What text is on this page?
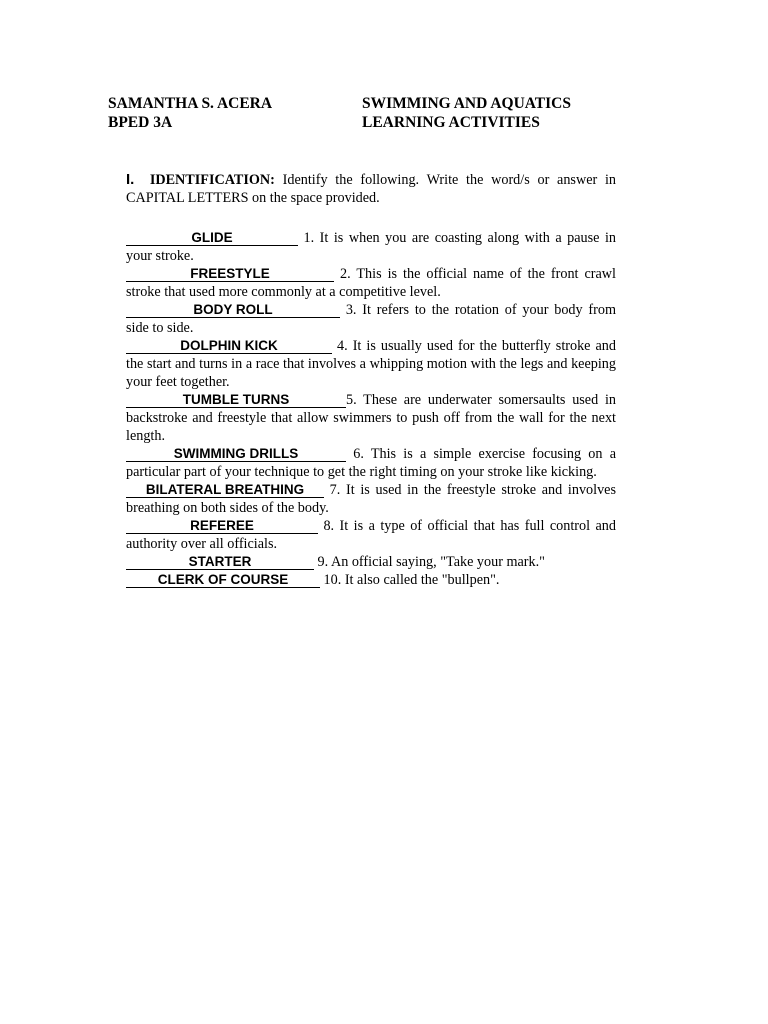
SAMANTHA S. ACERA
BPED 3A
SWIMMING AND AQUATICS
LEARNING ACTIVITIES
I. IDENTIFICATION: Identify the following. Write the word/s or answer in CAPITAL LETTERS on the space provided.
GLIDE	1. It is when you are coasting along with a pause in your stroke.
FREESTYLE	2. This is the official name of the front crawl stroke that used more commonly at a competitive level.
BODY ROLL	3. It refers to the rotation of your body from side to side.
DOLPHIN KICK	4. It is usually used for the butterfly stroke and the start and turns in a race that involves a whipping motion with the legs and keeping your feet together.
TUMBLE TURNS	5. These are underwater somersaults used in backstroke and freestyle that allow swimmers to push off from the wall for the next length.
SWIMMING DRILLS	6. This is a simple exercise focusing on a particular part of your technique to get the right timing on your stroke like kicking.
BILATERAL BREATHING 7. It is used in the freestyle stroke and involves breathing on both sides of the body.
REFEREE	8. It is a type of official that has full control and authority over all officials.
STARTER	9. An official saying, "Take your mark."
CLERK OF COURSE 10. It also called the "bullpen".
